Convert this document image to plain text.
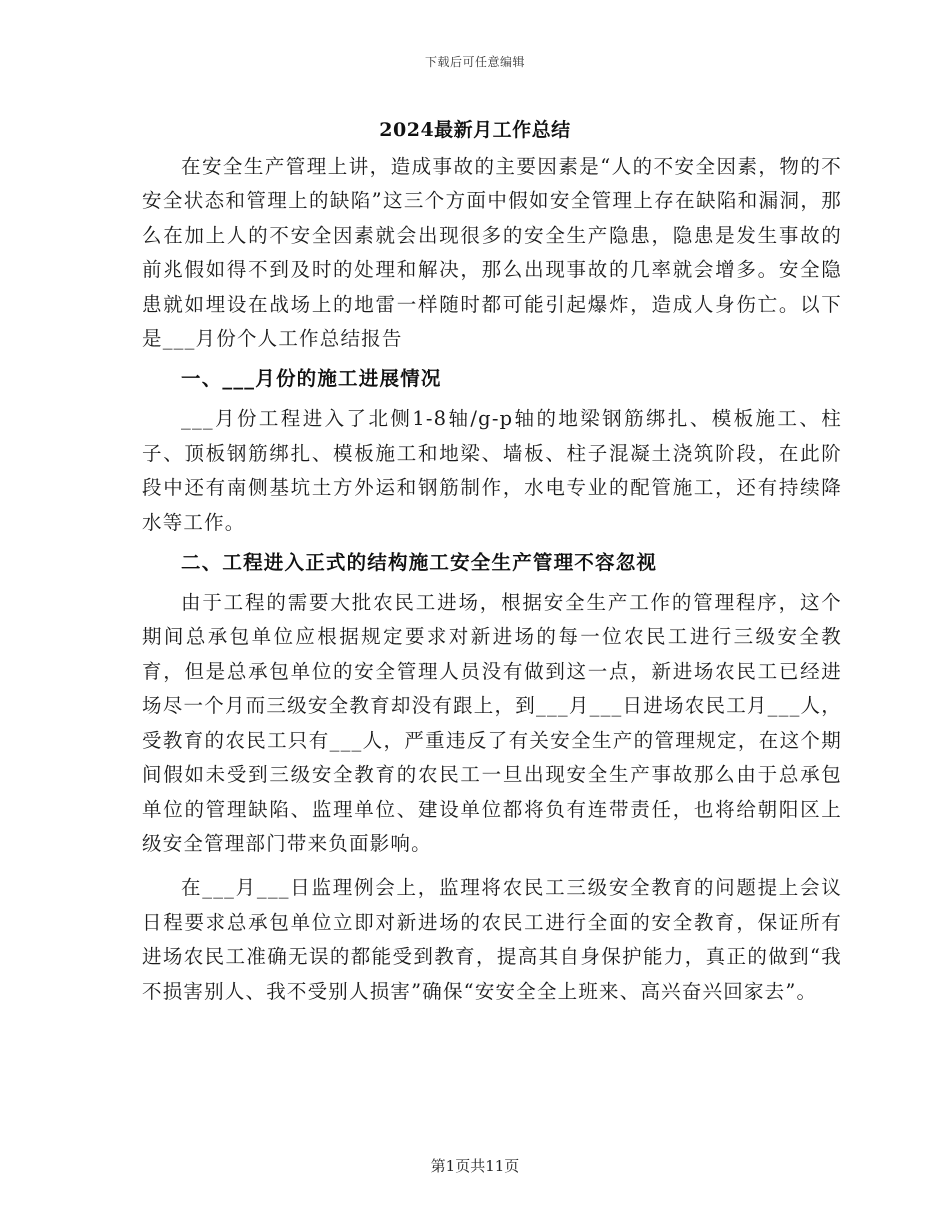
下载后可任意编辑
2024最新月工作总结

在安全生产管理上讲，造成事故的主要因素是“人的不安全因素，物的不安全状态和管理上的缺陷”这三个方面中假如安全管理上存在缺陷和漏洞，那么在加上人的不安全因素就会出现很多的安全生产隐患，隐患是发生事故的前兆假如得不到及时的处理和解决，那么出现事故的几率就会增多。安全隐患就如埋设在战场上的地雷一样随时都可能引起爆炸，造成人身伤亡。以下是___月份个人工作总结报告

一、___月份的施工进展情况

___月份工程进入了北侧1-8轴/g-p轴的地梁钢筋绑扎、模板施工、柱子、顶板钢筋绑扎、模板施工和地梁、墙板、柱子混凝土浇筑阶段，在此阶段中还有南侧基坑土方外运和钢筋制作，水电专业的配管施工，还有持续降水等工作。

二、工程进入正式的结构施工安全生产管理不容忽视

由于工程的需要大批农民工进场，根据安全生产工作的管理程序，这个期间总承包单位应根据规定要求对新进场的每一位农民工进行三级安全教育，但是总承包单位的安全管理人员没有做到这一点，新进场农民工已经进场尽一个月而三级安全教育却没有跟上，到___月___日进场农民工月___人，受教育的农民工只有___人，严重违反了有关安全生产的管理规定，在这个期间假如未受到三级安全教育的农民工一旦出现安全生产事故那么由于总承包单位的管理缺陷、监理单位、建设单位都将负有连带责任，也将给朝阳区上级安全管理部门带来负面影响。

在___月___日监理例会上，监理将农民工三级安全教育的问题提上会议日程要求总承包单位立即对新进场的农民工进行全面的安全教育，保证所有进场农民工准确无误的都能受到教育，提高其自身保护能力，真正的做到“我不损害别人、我不受别人损害”确保“安安全全上班来、高兴奋兴回家去”。

第1页共11页
